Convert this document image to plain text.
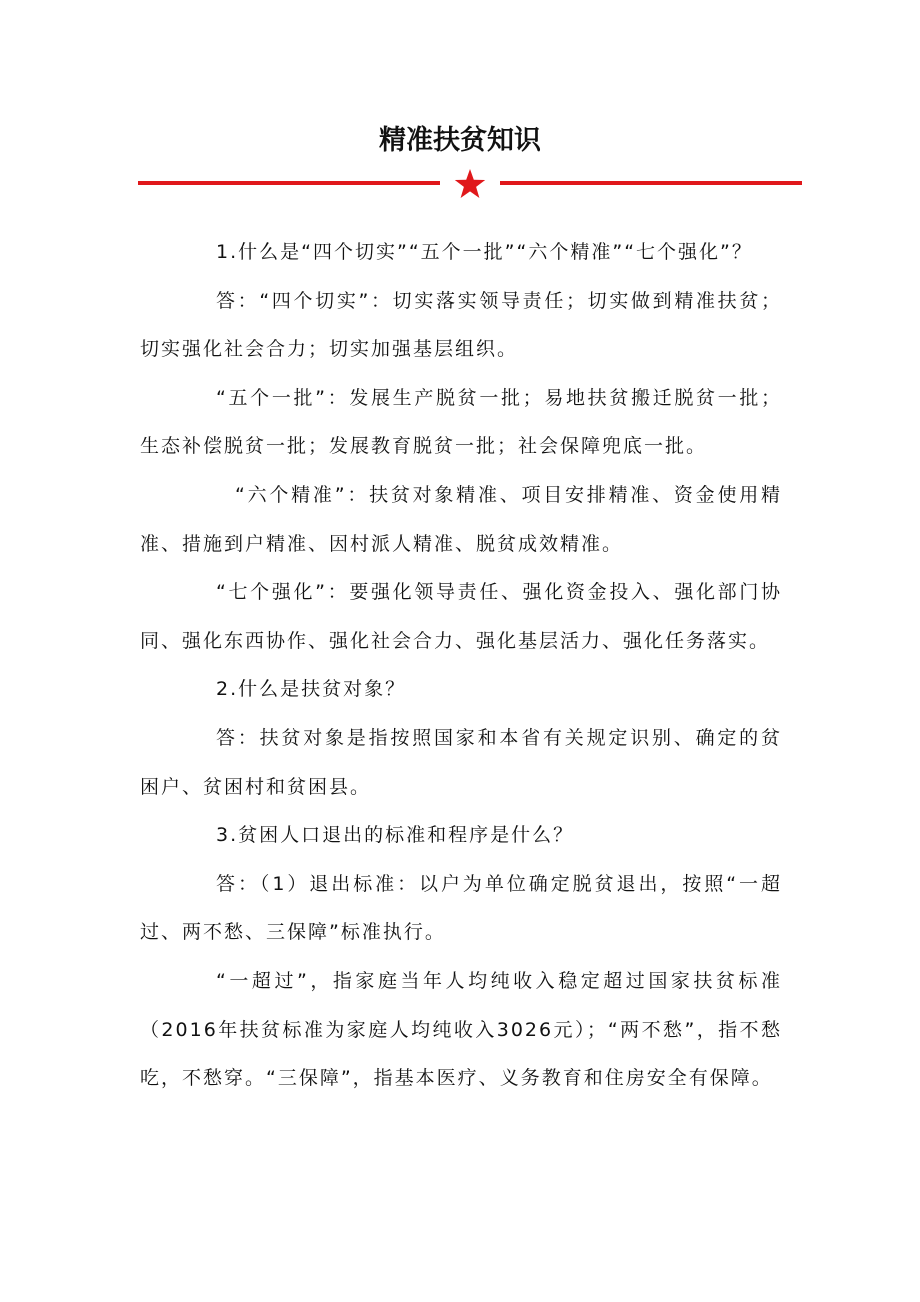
精准扶贫知识

1.什么是“四个切实”“五个一批”“六个精准”“七个强化”？

答：“四个切实”：切实落实领导责任；切实做到精准扶贫；切实强化社会合力；切实加强基层组织。

“五个一批”：发展生产脱贫一批；易地扶贫搬迁脱贫一批；生态补偿脱贫一批；发展教育脱贫一批；社会保障兜底一批。

“六个精准”：扶贫对象精准、项目安排精准、资金使用精准、措施到户精准、因村派人精准、脱贫成效精准。

“七个强化”：要强化领导责任、强化资金投入、强化部门协同、强化东西协作、强化社会合力、强化基层活力、强化任务落实。

2.什么是扶贫对象？

答：扶贫对象是指按照国家和本省有关规定识别、确定的贫困户、贫困村和贫困县。

3.贫困人口退出的标准和程序是什么？

答：（1）退出标准：以户为单位确定脱贫退出，按照“一超过、两不愁、三保障”标准执行。

“一超过”，指家庭当年人均纯收入稳定超过国家扶贫标准（2016年扶贫标准为家庭人均纯收入3026元）；“两不愁”，指不愁吃，不愁穿。“三保障”，指基本医疗、义务教育和住房安全有保障。
